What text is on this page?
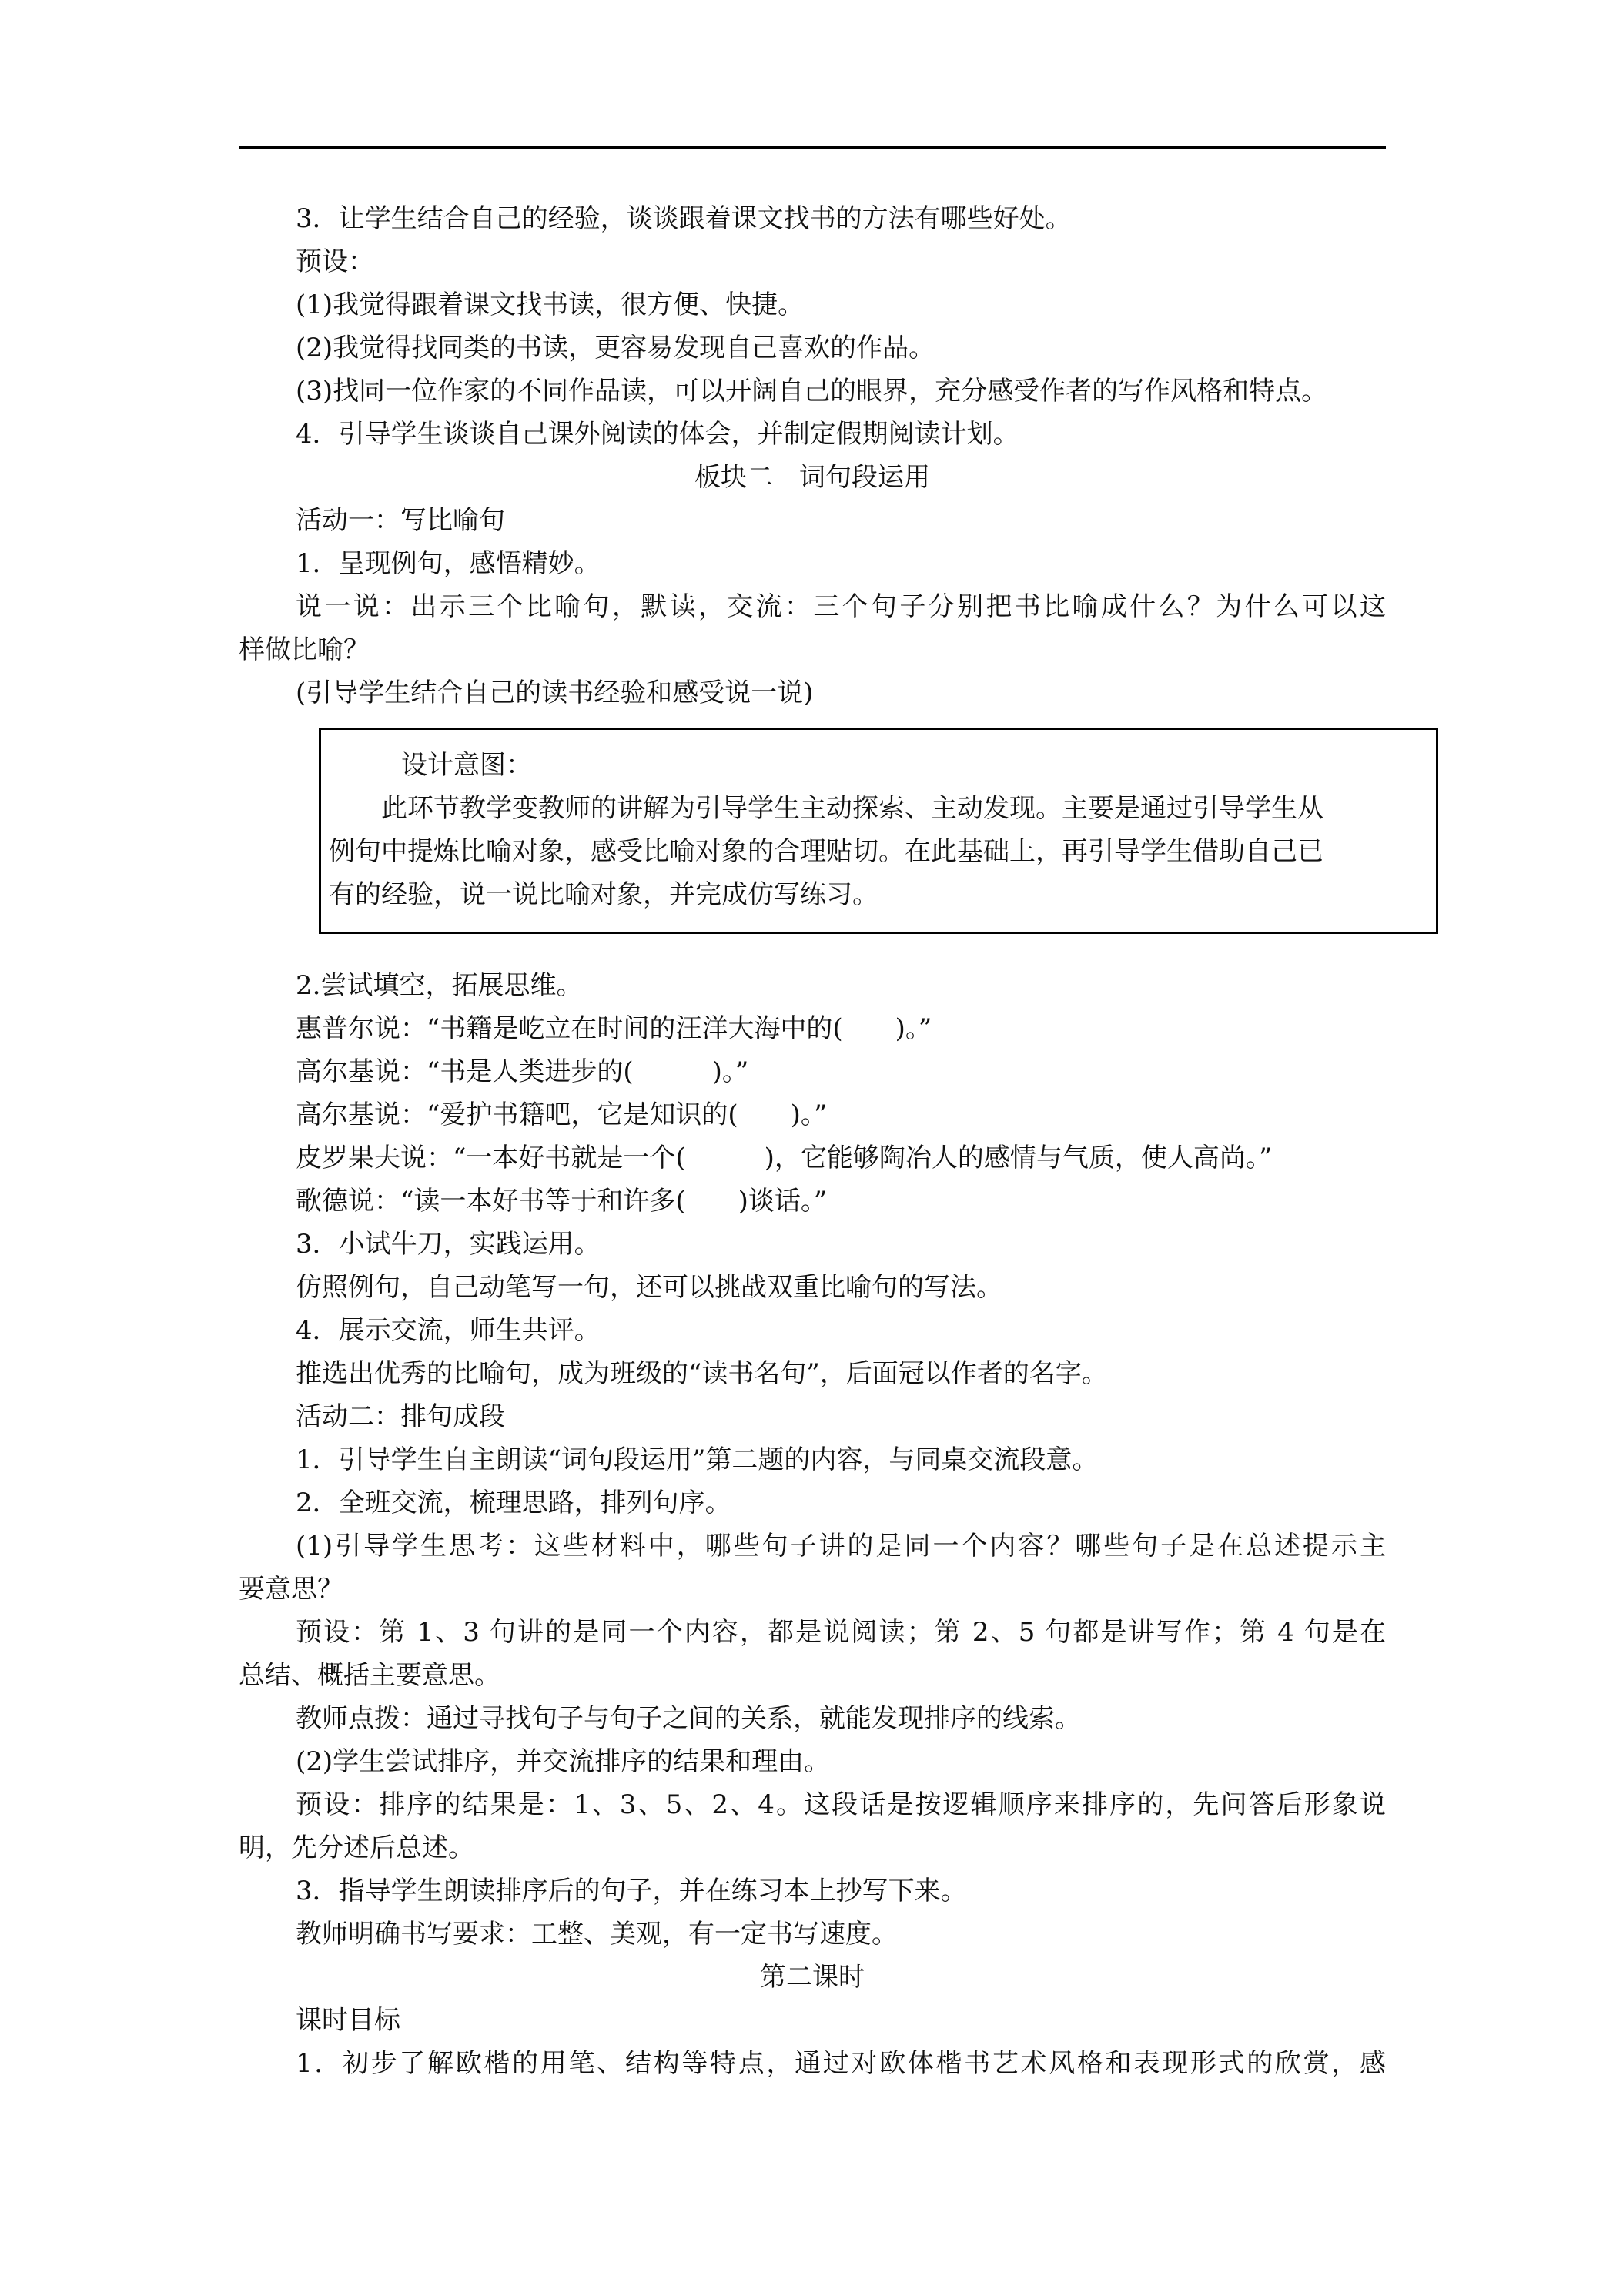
3．让学生结合自己的经验，谈谈跟着课文找书的方法有哪些好处。
预设：
(1)我觉得跟着课文找书读，很方便、快捷。
(2)我觉得找同类的书读，更容易发现自己喜欢的作品。
(3)找同一位作家的不同作品读，可以开阔自己的眼界，充分感受作者的写作风格和特点。
4．引导学生谈谈自己课外阅读的体会，并制定假期阅读计划。
板块二　词句段运用
活动一：写比喻句
1．呈现例句，感悟精妙。
说一说：出示三个比喻句，默读，交流：三个句子分别把书比喻成什么？为什么可以这
样做比喻？
(引导学生结合自己的读书经验和感受说一说)
设计意图：
此环节教学变教师的讲解为引导学生主动探索、主动发现。主要是通过引导学生从
例句中提炼比喻对象，感受比喻对象的合理贴切。在此基础上，再引导学生借助自己已
有的经验，说一说比喻对象，并完成仿写练习。
2.尝试填空，拓展思维。
惠普尔说：“书籍是屹立在时间的汪洋大海中的(　　)。”
高尔基说：“书是人类进步的(　　　)。”
高尔基说：“爱护书籍吧，它是知识的(　　)。”
皮罗果夫说：“一本好书就是一个(　　　)，它能够陶冶人的感情与气质，使人高尚。”
歌德说：“读一本好书等于和许多(　　)谈话。”
3．小试牛刀，实践运用。
仿照例句，自己动笔写一句，还可以挑战双重比喻句的写法。
4．展示交流，师生共评。
推选出优秀的比喻句，成为班级的“读书名句”，后面冠以作者的名字。
活动二：排句成段
1．引导学生自主朗读“词句段运用”第二题的内容，与同桌交流段意。
2．全班交流，梳理思路，排列句序。
(1)引导学生思考：这些材料中，哪些句子讲的是同一个内容？哪些句子是在总述提示主
要意思？
预设：第 1、3 句讲的是同一个内容，都是说阅读；第 2、5 句都是讲写作；第 4 句是在
总结、概括主要意思。
教师点拨：通过寻找句子与句子之间的关系，就能发现排序的线索。
(2)学生尝试排序，并交流排序的结果和理由。
预设：排序的结果是：1、3、5、2、4。这段话是按逻辑顺序来排序的，先问答后形象说
明，先分述后总述。
3．指导学生朗读排序后的句子，并在练习本上抄写下来。
教师明确书写要求：工整、美观，有一定书写速度。
第二课时
课时目标
1．初步了解欧楷的用笔、结构等特点，通过对欧体楷书艺术风格和表现形式的欣赏，感
